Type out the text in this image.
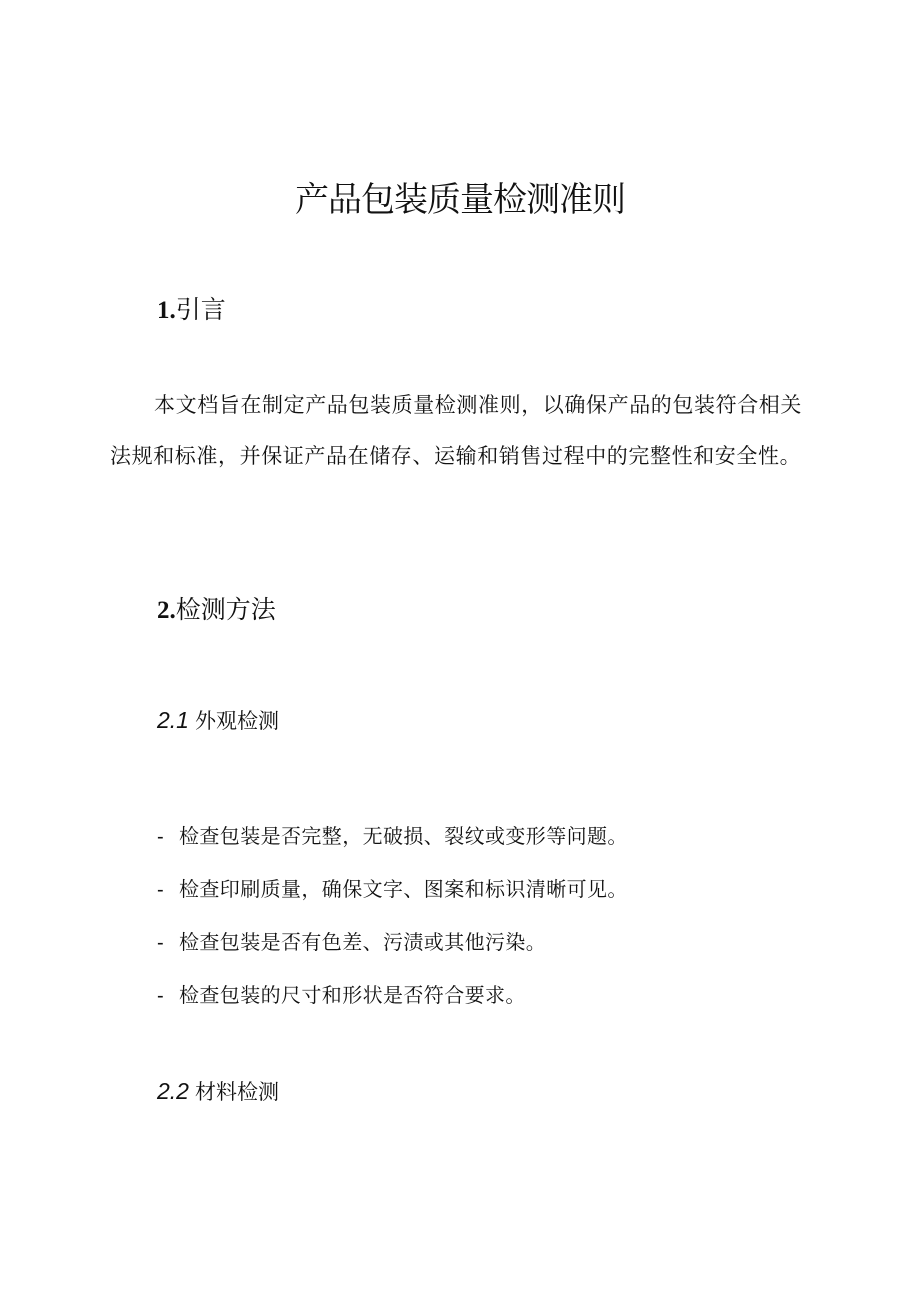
产品包装质量检测准则
1.引言

本文档旨在制定产品包装质量检测准则，以确保产品的包装符合相关法规和标准，并保证产品在储存、运输和销售过程中的完整性和安全性。

2.检测方法
2.1 外观检测
- 检查包装是否完整，无破损、裂纹或变形等问题。
- 检查印刷质量，确保文字、图案和标识清晰可见。
- 检查包装是否有色差、污渍或其他污染。
- 检查包装的尺寸和形状是否符合要求。
2.2 材料检测
